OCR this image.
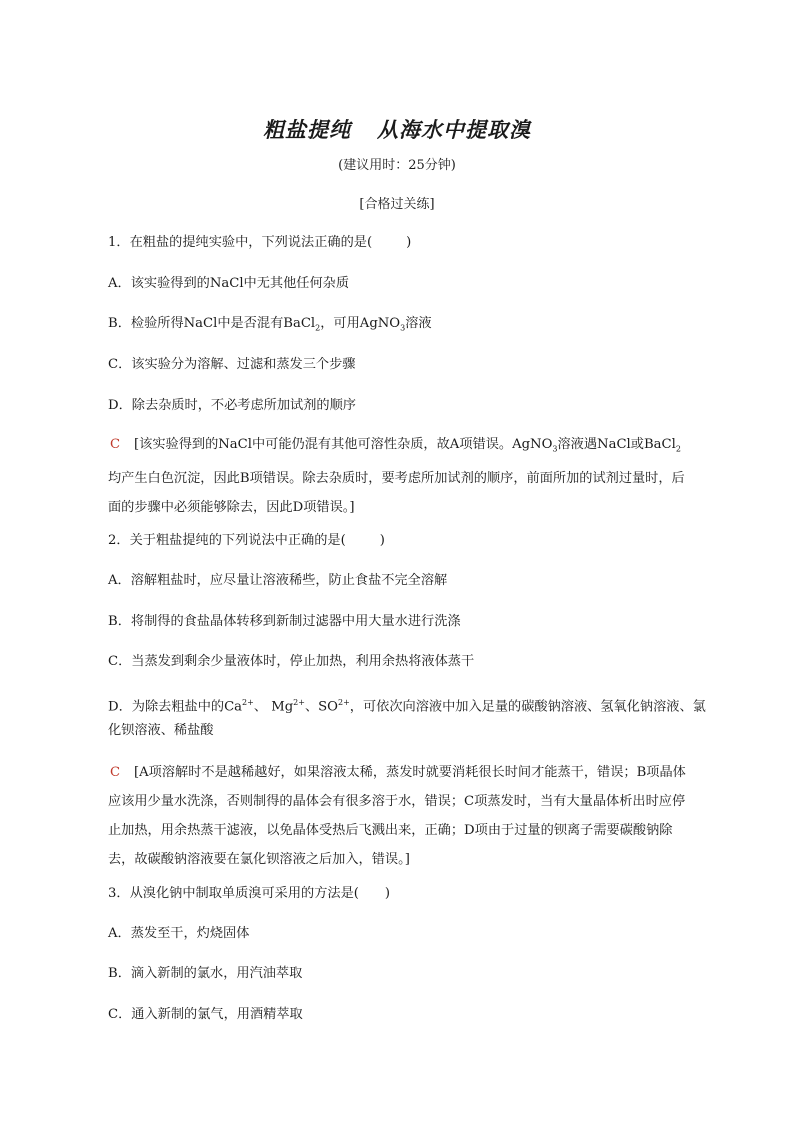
粗盐提纯 从海水中提取溴
(建议用时：25分钟)
[合格过关练]
1．在粗盐的提纯实验中，下列说法正确的是(	)
A．该实验得到的NaCl中无其他任何杂质
B．检验所得NaCl中是否混有BaCl$_2$，可用AgNO$_3$溶液
C．该实验分为溶解、过滤和蒸发三个步骤
D．除去杂质时，不必考虑所加试剂的顺序
C [该实验得到的NaCl中可能仍混有其他可溶性杂质，故A项错误。AgNO$_3$溶液遇NaCl或BaCl$_2$均产生白色沉淀，因此B项错误。除去杂质时，要考虑所加试剂的顺序，前面所加的试剂过量时，后面的步骤中必须能够除去，因此D项错误。]
2．关于粗盐提纯的下列说法中正确的是(	)
A．溶解粗盐时，应尽量让溶液稀些，防止食盐不完全溶解
B．将制得的食盐晶体转移到新制过滤器中用大量水进行洗涤
C．当蒸发到剩余少量液体时，停止加热，利用余热将液体蒸干
D．为除去粗盐中的$Ca^{2+}$、 $Mg^{2+}$、$SO^{2+}$，可依次向溶液中加入足量的碳酸钠溶液、氢氧化钠溶液、氯
化钡溶液、稀盐酸
C [A项溶解时不是越稀越好，如果溶液太稀，蒸发时就要消耗很长时间才能蒸干，错误；B项晶体应该用少量水洗涤，否则制得的晶体会有很多溶于水，错误；C项蒸发时，当有大量晶体析出时应停止加热，用余热蒸干滤液，以免晶体受热后飞溅出来，正确；D项由于过量的钡离子需要碳酸钠除去，故碳酸钠溶液要在氯化钡溶液之后加入，错误。]
3．从溴化钠中制取单质溴可采用的方法是( )
A．蒸发至干，灼烧固体
B．滴入新制的氯水，用汽油萃取
C．通入新制的氯气，用酒精萃取
